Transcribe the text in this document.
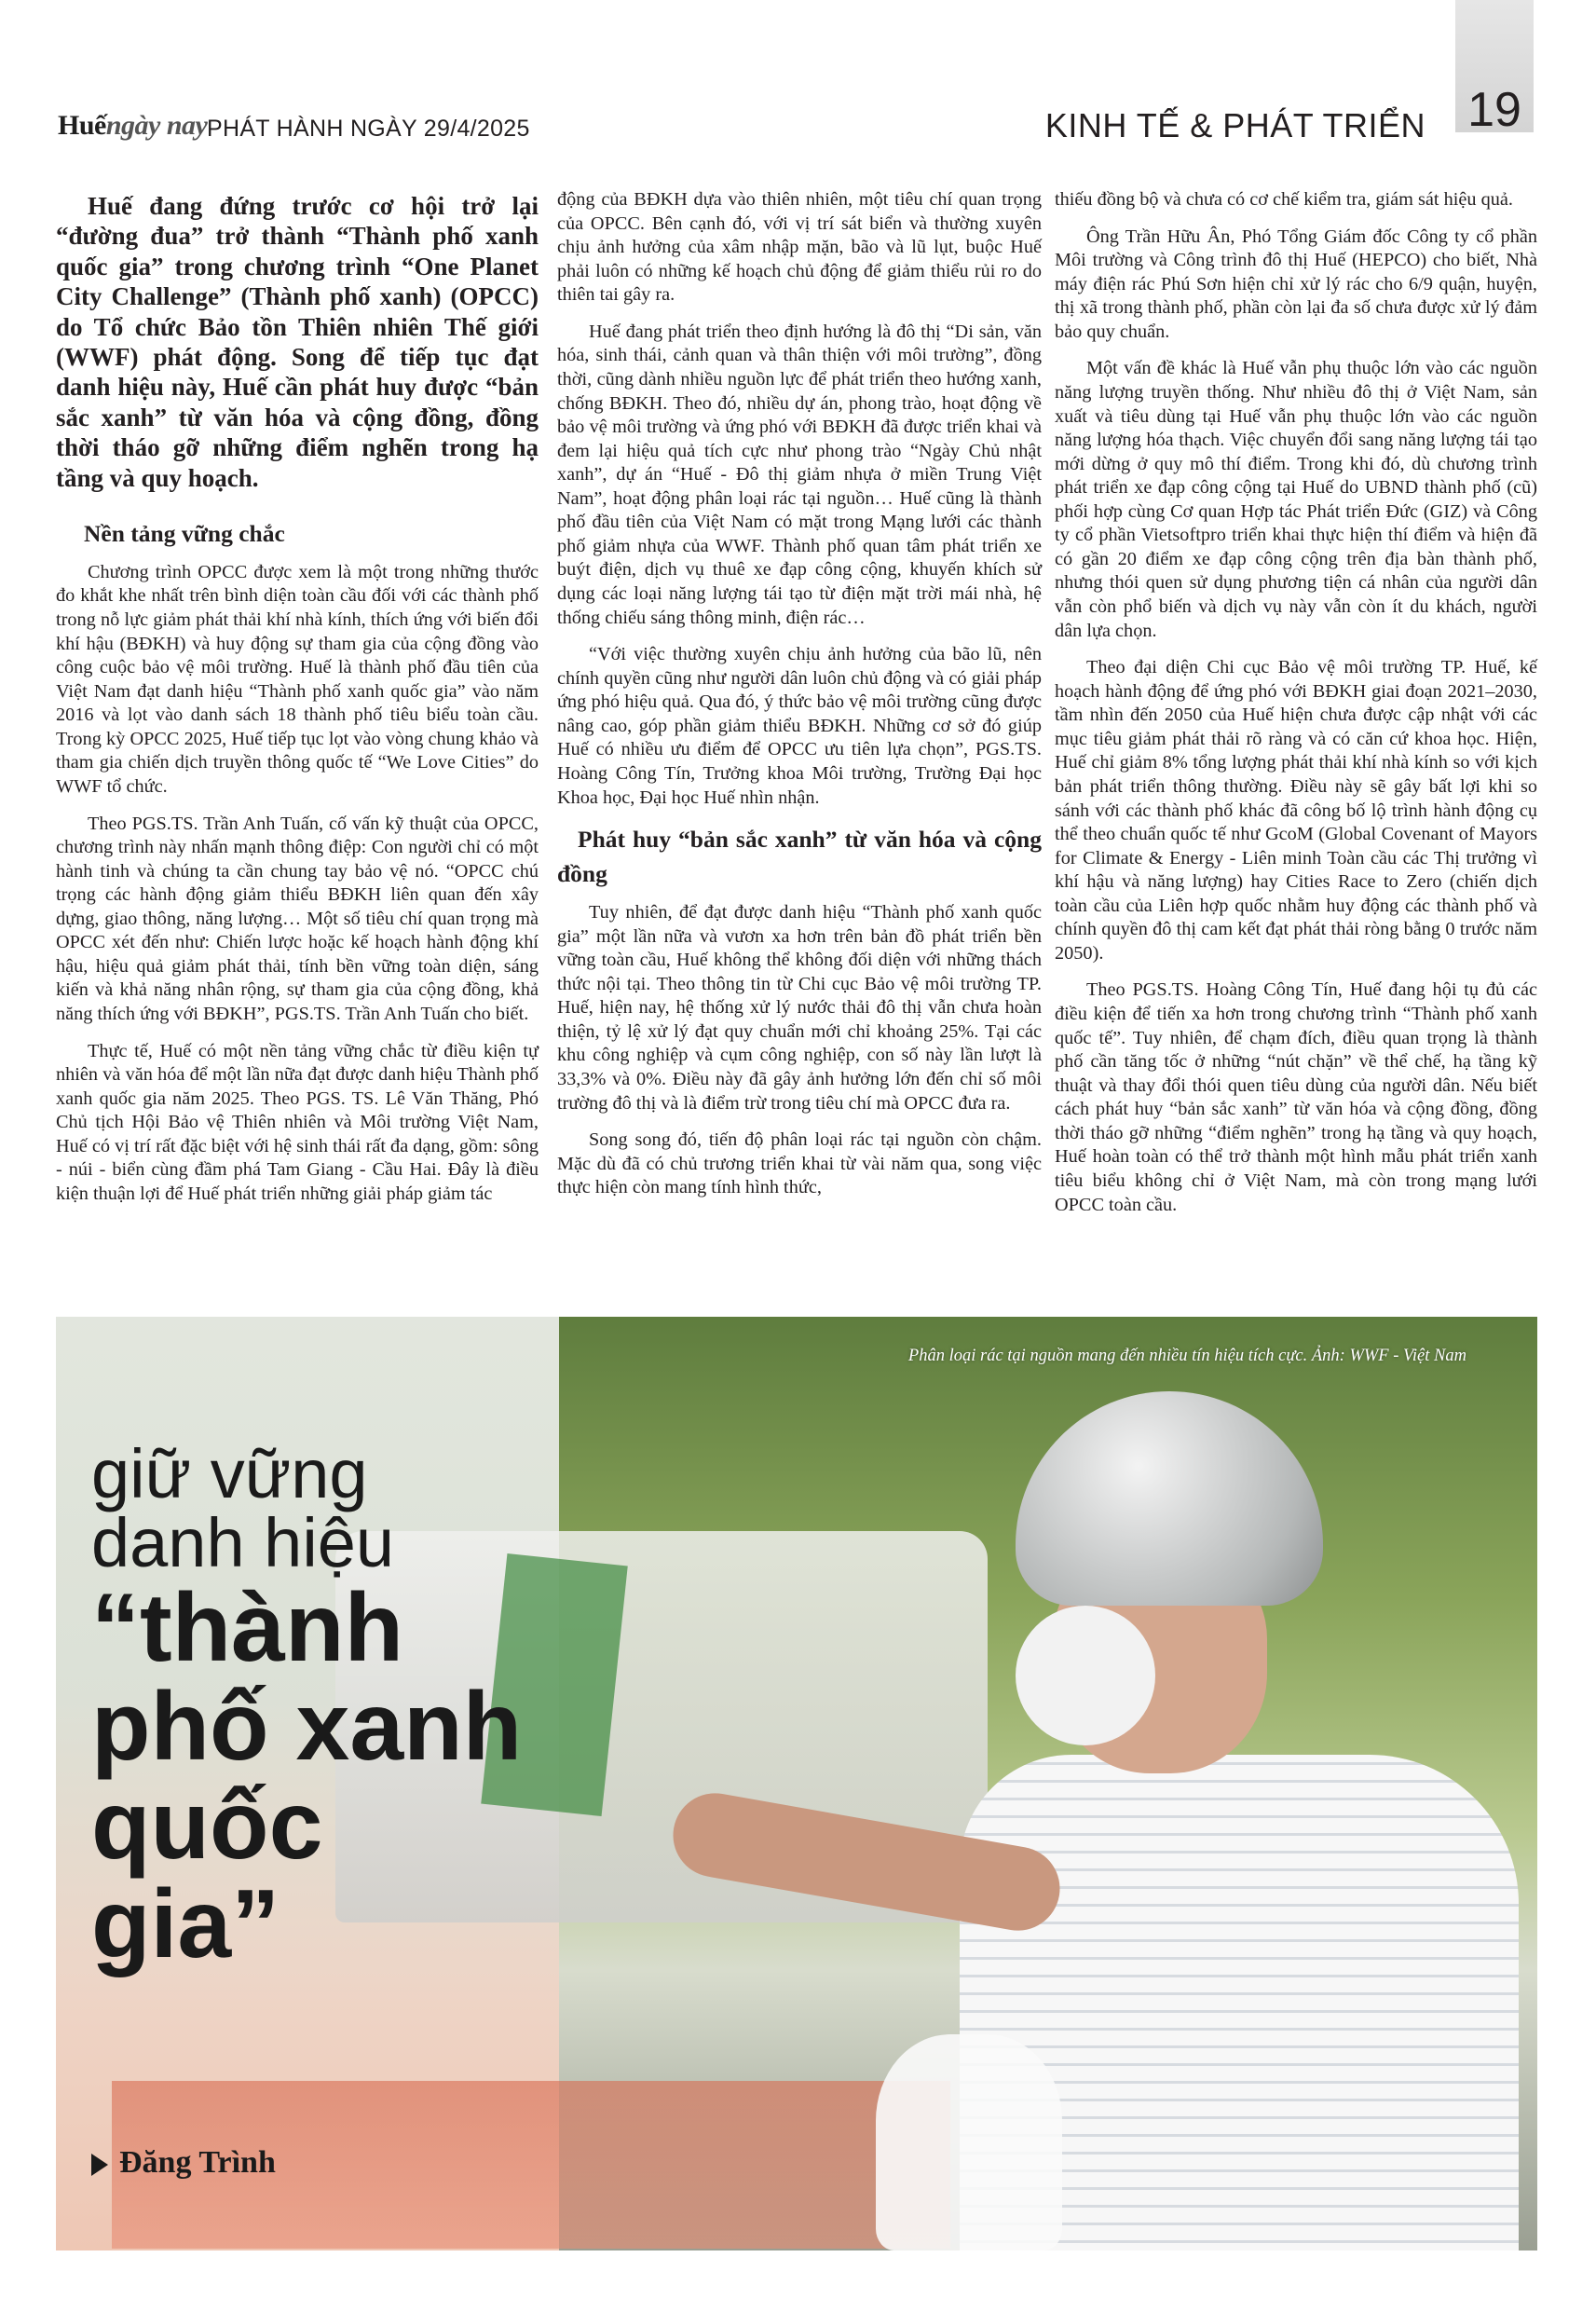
Huếngày nay PHÁT HÀNH NGÀY 29/4/2025	KINH TẾ & PHÁT TRIỂN 19

Huế đang đứng trước cơ hội trở lại “đường đua” trở thành “Thành phố xanh quốc gia” trong chương trình “One Planet City Challenge” (Thành phố xanh) (OPCC) do Tổ chức Bảo tồn Thiên nhiên Thế giới (WWF) phát động. Song để tiếp tục đạt danh hiệu này, Huế cần phát huy được “bản sắc xanh” từ văn hóa và cộng đồng, đồng thời tháo gỡ những điểm nghẽn trong hạ tầng và quy hoạch.

Nền tảng vững chắc

Chương trình OPCC được xem là một trong những thước đo khắt khe nhất trên bình diện toàn cầu đối với các thành phố trong nỗ lực giảm phát thải khí nhà kính, thích ứng với biến đổi khí hậu (BĐKH) và huy động sự tham gia của cộng đồng vào công cuộc bảo vệ môi trường. Huế là thành phố đầu tiên của Việt Nam đạt danh hiệu “Thành phố xanh quốc gia” vào năm 2016 và lọt vào danh sách 18 thành phố tiêu biểu toàn cầu. Trong kỳ OPCC 2025, Huế tiếp tục lọt vào vòng chung khảo và tham gia chiến dịch truyền thông quốc tế “We Love Cities” do WWF tổ chức.

Theo PGS.TS. Trần Anh Tuấn, cố vấn kỹ thuật của OPCC, chương trình này nhấn mạnh thông điệp: Con người chỉ có một hành tinh và chúng ta cần chung tay bảo vệ nó. “OPCC chú trọng các hành động giảm thiểu BĐKH liên quan đến xây dựng, giao thông, năng lượng… Một số tiêu chí quan trọng mà OPCC xét đến như: Chiến lược hoặc kế hoạch hành động khí hậu, hiệu quả giảm phát thải, tính bền vững toàn diện, sáng kiến và khả năng nhân rộng, sự tham gia của cộng đồng, khả năng thích ứng với BĐKH”, PGS.TS. Trần Anh Tuấn cho biết.

Thực tế, Huế có một nền tảng vững chắc từ điều kiện tự nhiên và văn hóa để một lần nữa đạt được danh hiệu Thành phố xanh quốc gia năm 2025. Theo PGS. TS. Lê Văn Thăng, Phó Chủ tịch Hội Bảo vệ Thiên nhiên và Môi trường Việt Nam, Huế có vị trí rất đặc biệt với hệ sinh thái rất đa dạng, gồm: sông - núi - biển cùng đầm phá Tam Giang - Cầu Hai. Đây là điều kiện thuận lợi để Huế phát triển những giải pháp giảm tác

động của BĐKH dựa vào thiên nhiên, một tiêu chí quan trọng của OPCC. Bên cạnh đó, với vị trí sát biển và thường xuyên chịu ảnh hưởng của xâm nhập mặn, bão và lũ lụt, buộc Huế phải luôn có những kế hoạch chủ động để giảm thiểu rủi ro do thiên tai gây ra.

Huế đang phát triển theo định hướng là đô thị “Di sản, văn hóa, sinh thái, cảnh quan và thân thiện với môi trường”, đồng thời, cũng dành nhiều nguồn lực để phát triển theo hướng xanh, chống BĐKH. Theo đó, nhiều dự án, phong trào, hoạt động về bảo vệ môi trường và ứng phó với BĐKH đã được triển khai và đem lại hiệu quả tích cực như phong trào “Ngày Chủ nhật xanh”, dự án “Huế - Đô thị giảm nhựa ở miền Trung Việt Nam”, hoạt động phân loại rác tại nguồn… Huế cũng là thành phố đầu tiên của Việt Nam có mặt trong Mạng lưới các thành phố giảm nhựa của WWF. Thành phố quan tâm phát triển xe buýt điện, dịch vụ thuê xe đạp công cộng, khuyến khích sử dụng các loại năng lượng tái tạo từ điện mặt trời mái nhà, hệ thống chiếu sáng thông minh, điện rác…

“Với việc thường xuyên chịu ảnh hưởng của bão lũ, nên chính quyền cũng như người dân luôn chủ động và có giải pháp ứng phó hiệu quả. Qua đó, ý thức bảo vệ môi trường cũng được nâng cao, góp phần giảm thiểu BĐKH. Những cơ sở đó giúp Huế có nhiều ưu điểm để OPCC ưu tiên lựa chọn”, PGS.TS. Hoàng Công Tín, Trưởng khoa Môi trường, Trường Đại học Khoa học, Đại học Huế nhìn nhận.

Phát huy “bản sắc xanh” từ văn hóa và cộng đồng

Tuy nhiên, để đạt được danh hiệu “Thành phố xanh quốc gia” một lần nữa và vươn xa hơn trên bản đồ phát triển bền vững toàn cầu, Huế không thể không đối diện với những thách thức nội tại. Theo thông tin từ Chi cục Bảo vệ môi trường TP. Huế, hiện nay, hệ thống xử lý nước thải đô thị vẫn chưa hoàn thiện, tỷ lệ xử lý đạt quy chuẩn mới chỉ khoảng 25%. Tại các khu công nghiệp và cụm công nghiệp, con số này lần lượt là 33,3% và 0%. Điều này đã gây ảnh hưởng lớn đến chỉ số môi trường đô thị và là điểm trừ trong tiêu chí mà OPCC đưa ra.

Song song đó, tiến độ phân loại rác tại nguồn còn chậm. Mặc dù đã có chủ trương triển khai từ vài năm qua, song việc thực hiện còn mang tính hình thức,

thiếu đồng bộ và chưa có cơ chế kiểm tra, giám sát hiệu quả.

Ông Trần Hữu Ân, Phó Tổng Giám đốc Công ty cổ phần Môi trường và Công trình đô thị Huế (HEPCO) cho biết, Nhà máy điện rác Phú Sơn hiện chỉ xử lý rác cho 6/9 quận, huyện, thị xã trong thành phố, phần còn lại đa số chưa được xử lý đảm bảo quy chuẩn.

Một vấn đề khác là Huế vẫn phụ thuộc lớn vào các nguồn năng lượng truyền thống. Như nhiều đô thị ở Việt Nam, sản xuất và tiêu dùng tại Huế vẫn phụ thuộc lớn vào các nguồn năng lượng hóa thạch. Việc chuyển đổi sang năng lượng tái tạo mới dừng ở quy mô thí điểm. Trong khi đó, dù chương trình phát triển xe đạp công cộng tại Huế do UBND thành phố (cũ) phối hợp cùng Cơ quan Hợp tác Phát triển Đức (GIZ) và Công ty cổ phần Vietsoftpro triển khai thực hiện thí điểm và hiện đã có gần 20 điểm xe đạp công cộng trên địa bàn thành phố, nhưng thói quen sử dụng phương tiện cá nhân của người dân vẫn còn phổ biến và dịch vụ này vẫn còn ít du khách, người dân lựa chọn.

Theo đại diện Chi cục Bảo vệ môi trường TP. Huế, kế hoạch hành động để ứng phó với BĐKH giai đoạn 2021–2030, tầm nhìn đến 2050 của Huế hiện chưa được cập nhật với các mục tiêu giảm phát thải rõ ràng và có căn cứ khoa học. Hiện, Huế chỉ giảm 8% tổng lượng phát thải khí nhà kính so với kịch bản phát triển thông thường. Điều này sẽ gây bất lợi khi so sánh với các thành phố khác đã công bố lộ trình hành động cụ thể theo chuẩn quốc tế như GcoM (Global Covenant of Mayors for Climate & Energy - Liên minh Toàn cầu các Thị trưởng vì khí hậu và năng lượng) hay Cities Race to Zero (chiến dịch toàn cầu của Liên hợp quốc nhằm huy động các thành phố và chính quyền đô thị cam kết đạt phát thải ròng bằng 0 trước năm 2050).

Theo PGS.TS. Hoàng Công Tín, Huế đang hội tụ đủ các điều kiện để tiến xa hơn trong chương trình “Thành phố xanh quốc tế”. Tuy nhiên, để chạm đích, điều quan trọng là thành phố cần tăng tốc ở những “nút chặn” về thể chế, hạ tầng kỹ thuật và thay đổi thói quen tiêu dùng của người dân. Nếu biết cách phát huy “bản sắc xanh” từ văn hóa và cộng đồng, đồng thời tháo gỡ những “điểm nghẽn” trong hạ tầng và quy hoạch, Huế hoàn toàn có thể trở thành một hình mẫu phát triển xanh tiêu biểu không chỉ ở Việt Nam, mà còn trong mạng lưới OPCC toàn cầu.

Phân loại rác tại nguồn mang đến nhiều tín hiệu tích cực. Ảnh: WWF - Việt Nam
giữ vững
danh hiệu
“thành
phố xanh
quốc
gia”
Đăng Trình
